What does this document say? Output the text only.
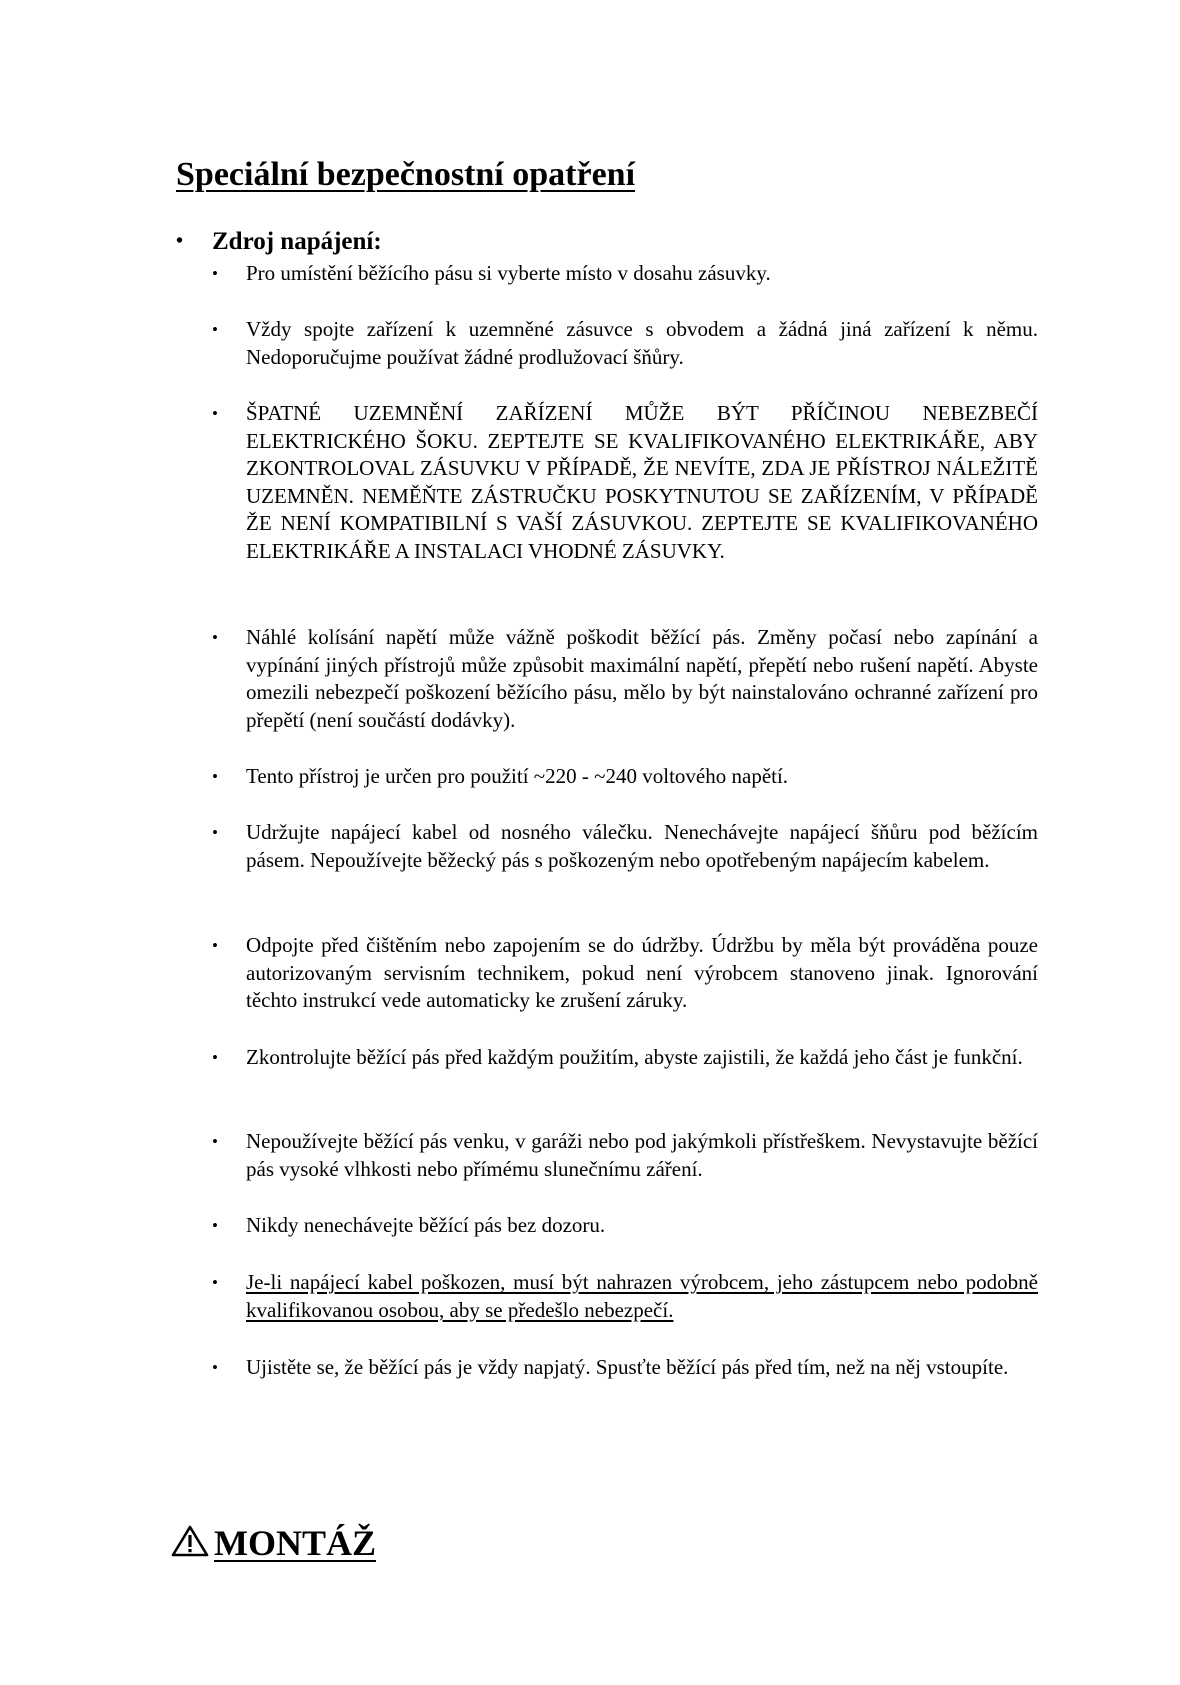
Speciální bezpečnostní opatření
• Zdroj napájení:
• Pro umístění běžícího pásu si vyberte místo v dosahu zásuvky.
• Vždy spojte zařízení k uzemněné zásuvce s obvodem a žádná jiná zařízení k němu. Nedoporučujme používat žádné prodlužovací šňůry.
• ŠPATNÉ UZEMNĚNÍ ZAŘÍZENÍ MŮŽE BÝT PŘÍČINOU NEBEZBEČÍ ELEKTRICKÉHO ŠOKU. ZEPTEJTE SE KVALIFIKOVANÉHO ELEKTRIKÁŘE, ABY ZKONTROLOVAL ZÁSUVKU V PŘÍPADĚ, ŽE NEVÍTE, ZDA JE PŘÍSTROJ NÁLEŽITĚ UZEMNĚN. NEMĚŇTE ZÁSTRUČKU POSKYTNUTOU SE ZAŘÍZENÍM, V PŘÍPADĚ ŽE NENÍ KOMPATIBILNÍ S VAŠÍ ZÁSUVKOU. ZEPTEJTE SE KVALIFIKOVANÉHO ELEKTRIKÁŘE A INSTALACI VHODNÉ ZÁSUVKY.
• Náhlé kolísání napětí může vážně poškodit běžící pás. Změny počasí nebo zapínání a vypínání jiných přístrojů může způsobit maximální napětí, přepětí nebo rušení napětí. Abyste omezili nebezpečí poškození běžícího pásu, mělo by být nainstalováno ochranné zařízení pro přepětí (není součástí dodávky).
• Tento přístroj je určen pro použití ~220 - ~240 voltového napětí.
• Udržujte napájecí kabel od nosného válečku. Nenechávejte napájecí šňůru pod běžícím pásem. Nepoužívejte běžecký pás s poškozeným nebo opotřebeným napájecím kabelem.
• Odpojte před čištěním nebo zapojením se do údržby. Údržbu by měla být prováděna pouze autorizovaným servisním technikem, pokud není výrobcem stanoveno jinak. Ignorování těchto instrukcí vede automaticky ke zrušení záruky.
• Zkontrolujte běžící pás před každým použitím, abyste zajistili, že každá jeho část je funkční.
• Nepoužívejte běžící pás venku, v garáži nebo pod jakýmkoli přístřeškem. Nevystavujte běžící pás vysoké vlhkosti nebo přímému slunečnímu záření.
• Nikdy nenechávejte běžící pás bez dozoru.
• Je-li napájecí kabel poškozen, musí být nahrazen výrobcem, jeho zástupcem nebo podobně kvalifikovanou osobou, aby se předešlo nebezpečí.
• Ujistěte se, že běžící pás je vždy napjatý. Spusťte běžící pás před tím, než na něj vstoupíte.
MONTÁŽ
